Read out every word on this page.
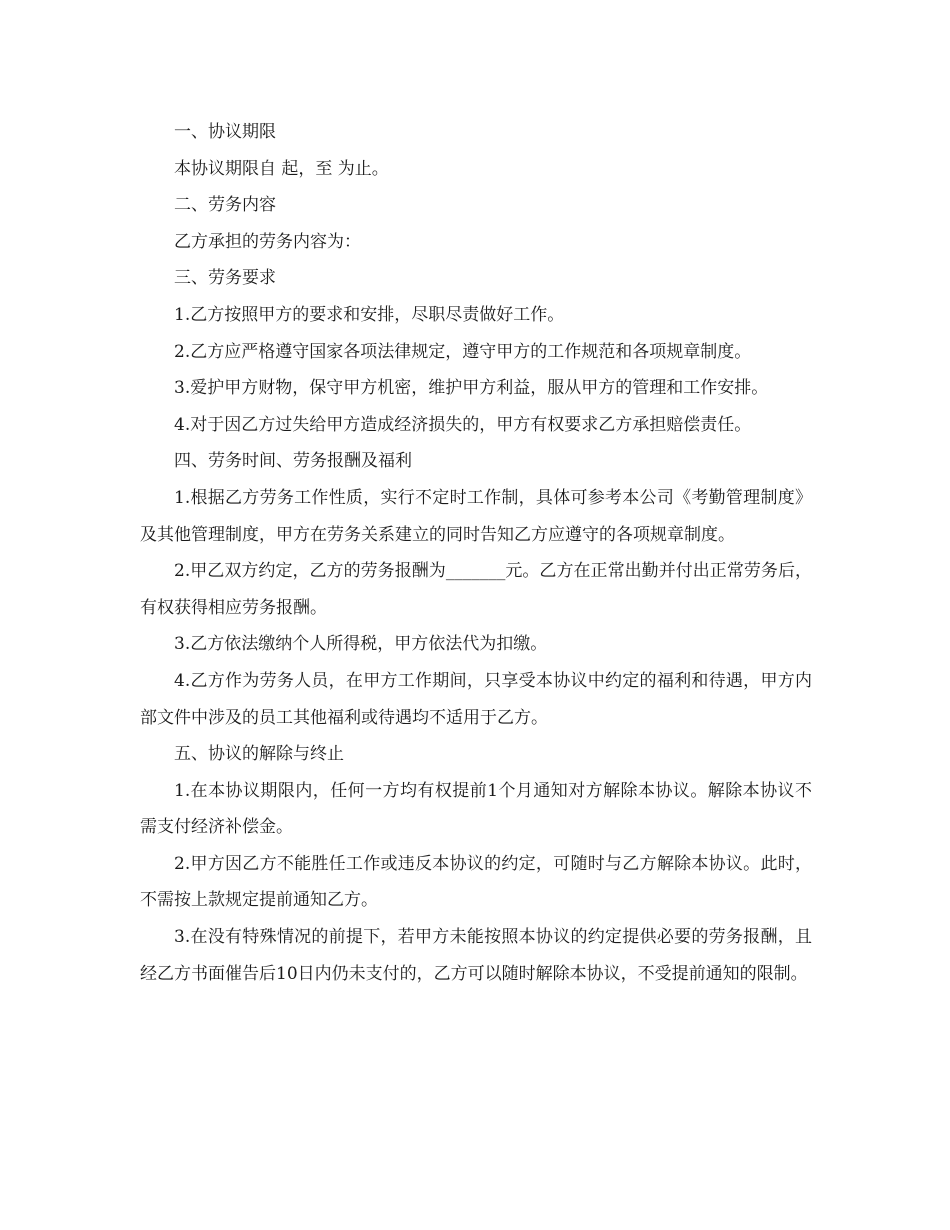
一、协议期限

本协议期限自 起，至 为止。

二、劳务内容

乙方承担的劳务内容为：

三、劳务要求

1.乙方按照甲方的要求和安排，尽职尽责做好工作。

2.乙方应严格遵守国家各项法律规定，遵守甲方的工作规范和各项规章制度。

3.爱护甲方财物，保守甲方机密，维护甲方利益，服从甲方的管理和工作安排。

4.对于因乙方过失给甲方造成经济损失的，甲方有权要求乙方承担赔偿责任。

四、劳务时间、劳务报酬及福利

1.根据乙方劳务工作性质，实行不定时工作制，具体可参考本公司《考勤管理制度》及其他管理制度，甲方在劳务关系建立的同时告知乙方应遵守的各项规章制度。

2.甲乙双方约定，乙方的劳务报酬为_______元。乙方在正常出勤并付出正常劳务后，有权获得相应劳务报酬。

3.乙方依法缴纳个人所得税，甲方依法代为扣缴。

4.乙方作为劳务人员，在甲方工作期间，只享受本协议中约定的福利和待遇，甲方内部文件中涉及的员工其他福利或待遇均不适用于乙方。

五、协议的解除与终止

1.在本协议期限内，任何一方均有权提前1个月通知对方解除本协议。解除本协议不需支付经济补偿金。

2.甲方因乙方不能胜任工作或违反本协议的约定，可随时与乙方解除本协议。此时，不需按上款规定提前通知乙方。

3.在没有特殊情况的前提下，若甲方未能按照本协议的约定提供必要的劳务报酬，且经乙方书面催告后10日内仍未支付的，乙方可以随时解除本协议，不受提前通知的限制。
